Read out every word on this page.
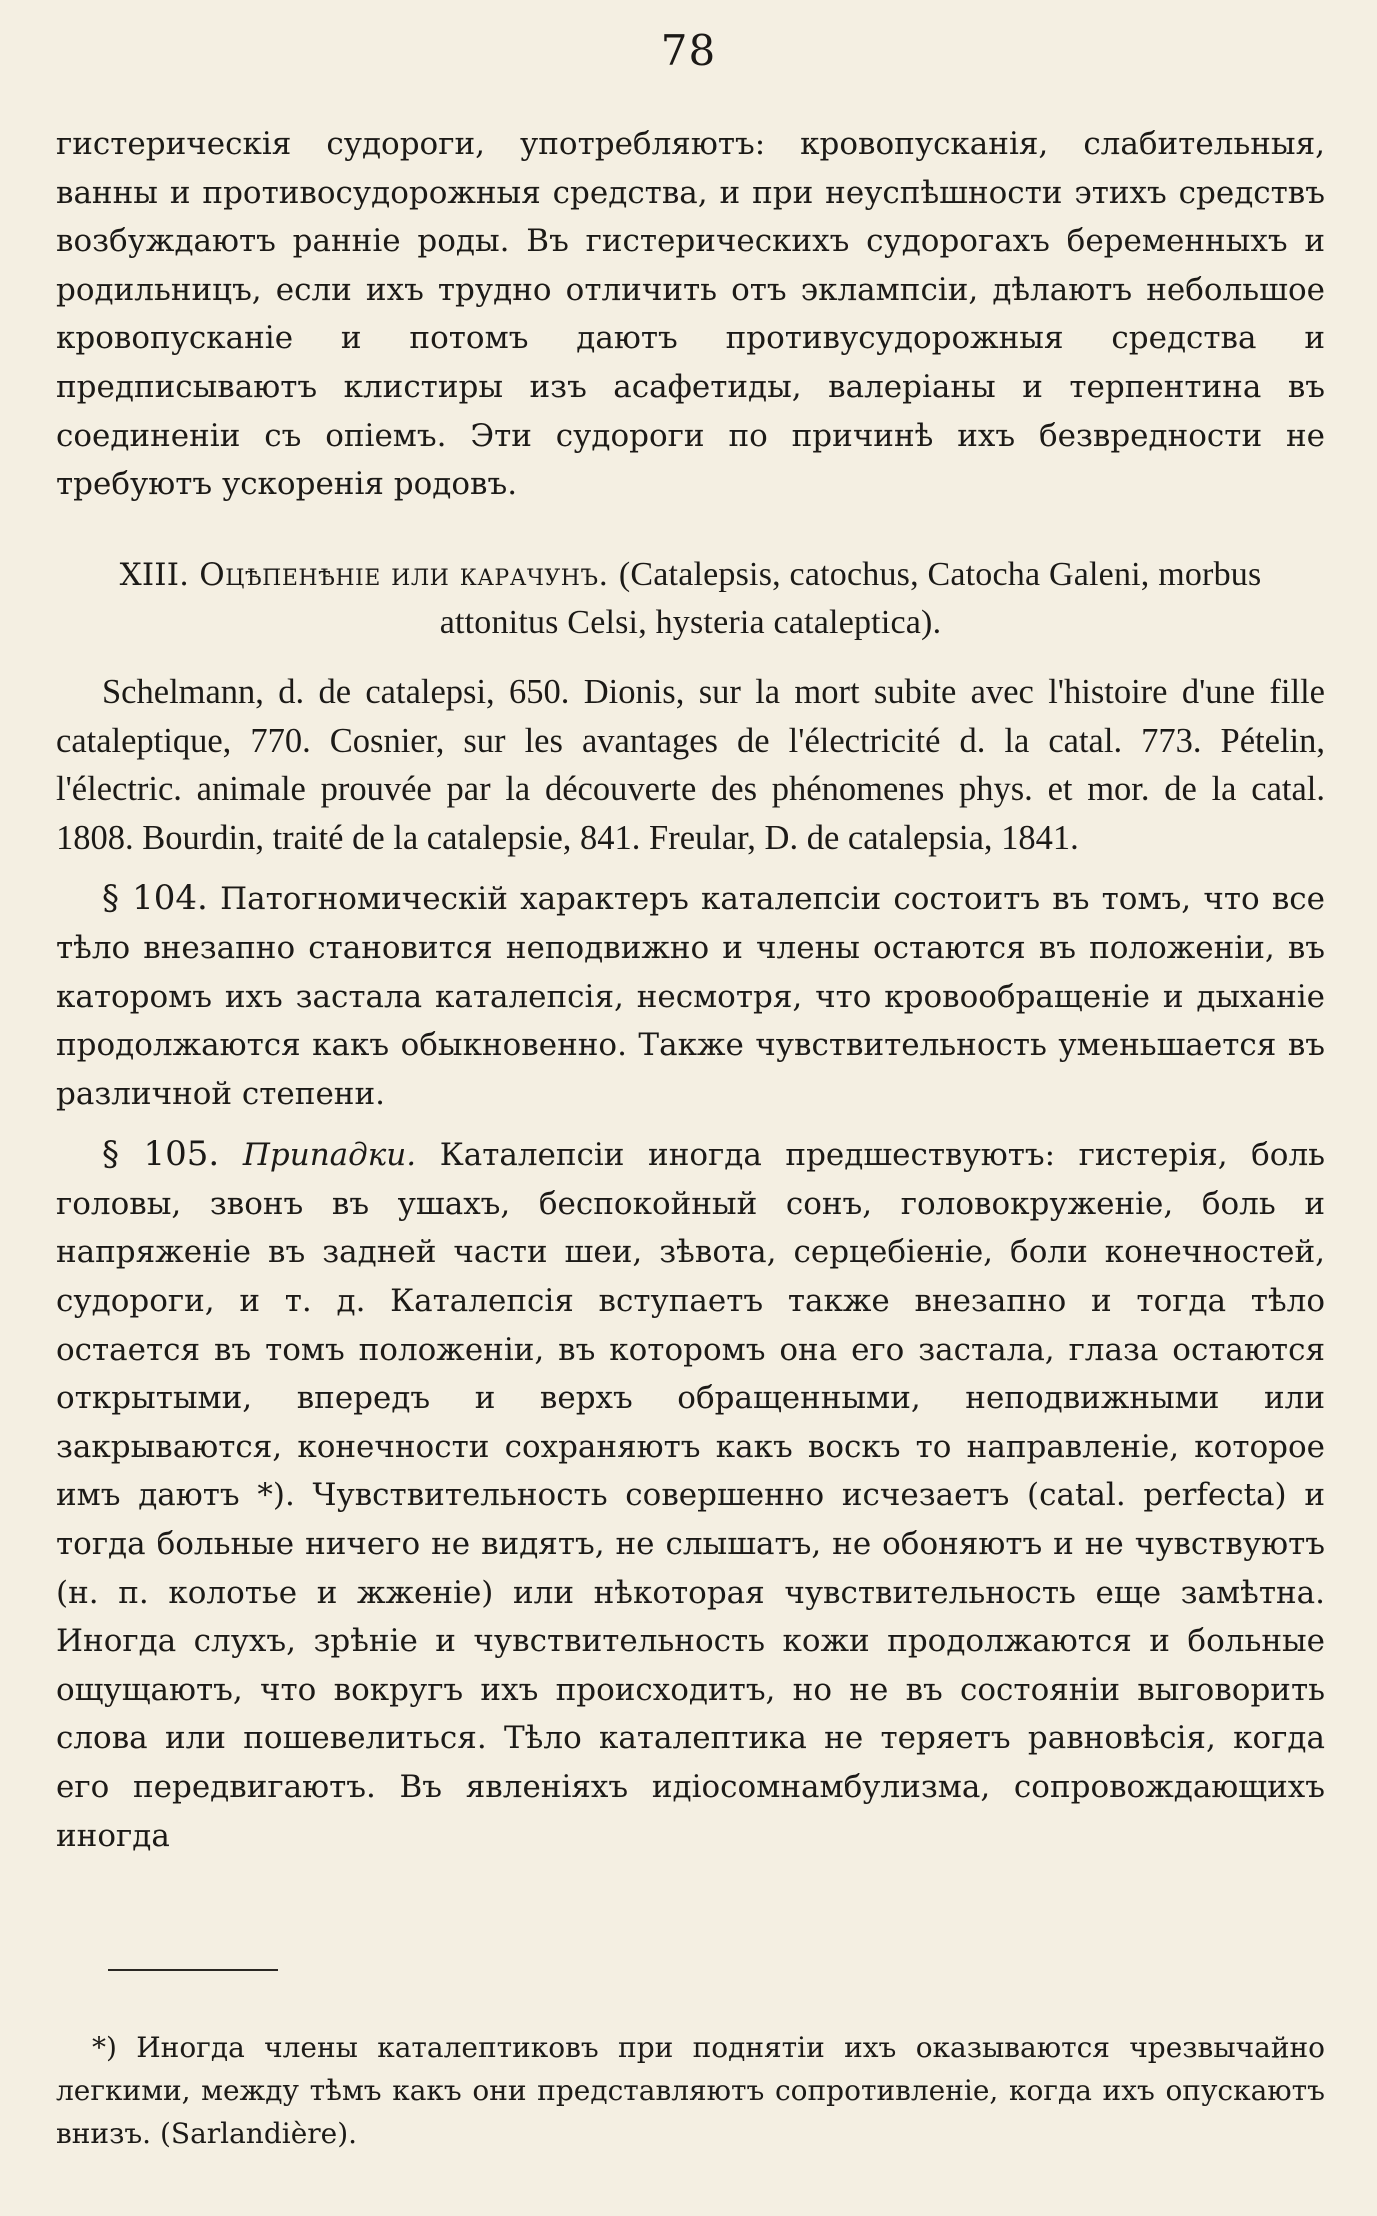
78

гистерическія судороги, употребляютъ: кровопусканія, слабительныя, ванны и противосудорожныя средства, и при неуспѣшности этихъ средствъ возбуждаютъ ранніе роды. Въ гистерическихъ судорогахъ беременныхъ и родильницъ, если ихъ трудно отличить отъ эклампсіи, дѣлаютъ небольшое кровопусканіе и потомъ даютъ противусудорожныя средства и предписываютъ клистиры изъ асафетиды, валеріаны и терпентина въ соединеніи съ опіемъ. Эти судороги по причинѣ ихъ безвредности не требуютъ ускоренія родовъ.

XIII. Оцѣпенѣніе или карачунъ. (Catalepsis, catochus, Catocha Galeni, morbus attonitus Celsi, hysteria cataleptica).

Schelmann, d. de catalepsi, 650. Dionis, sur la mort subite avec l'histoire d'une fille cataleptique, 770. Cosnier, sur les avantages de l'électricité d. la catal. 773. Pételin, l'électric. animale prouvée par la découverte des phénomenes phys. et mor. de la catal. 1808. Bourdin, traité de la catalepsie, 841. Freular, D. de catalepsia, 1841.

§ 104. Патогномическій характеръ каталепсіи состоитъ въ томъ, что все тѣло внезапно становится неподвижно и члены остаются въ положеніи, въ каторомъ ихъ застала каталепсія, несмотря, что кровообращеніе и дыханіе продолжаются какъ обыкновенно. Также чувствительность уменьшается въ различной степени.

§ 105. Припадки. Каталепсіи иногда предшествуютъ: гистерія, боль головы, звонъ въ ушахъ, беспокойный сонъ, головокруженіе, боль и напряженіе въ задней части шеи, зѣвота, серцебіеніе, боли конечностей, судороги, и т. д. Каталепсія вступаетъ также внезапно и тогда тѣло остается въ томъ положеніи, въ которомъ она его застала, глаза остаются открытыми, впередъ и верхъ обращенными, неподвижными или закрываются, конечности сохраняютъ какъ воскъ то направленіе, которое имъ даютъ *). Чувствительность совершенно исчезаетъ (catal. perfecta) и тогда больные ничего не видятъ, не слышатъ, не обоняютъ и не чувствуютъ (н. п. колотье и жженіе) или нѣкоторая чувствительность еще замѣтна. Иногда слухъ, зрѣніе и чувствительность кожи продолжаются и больные ощущаютъ, что вокругъ ихъ происходитъ, но не въ состояніи выговорить слова или пошевелиться. Тѣло каталептика не теряетъ равновѣсія, когда его передвигаютъ. Въ явленіяхъ идіосомнамбулизма, сопровождающихъ иногда

*) Иногда члены каталептиковъ при поднятіи ихъ оказываются чрезвычайно легкими, между тѣмъ какъ они представляютъ сопротивленіе, когда ихъ опускаютъ внизъ. (Sarlandière).
